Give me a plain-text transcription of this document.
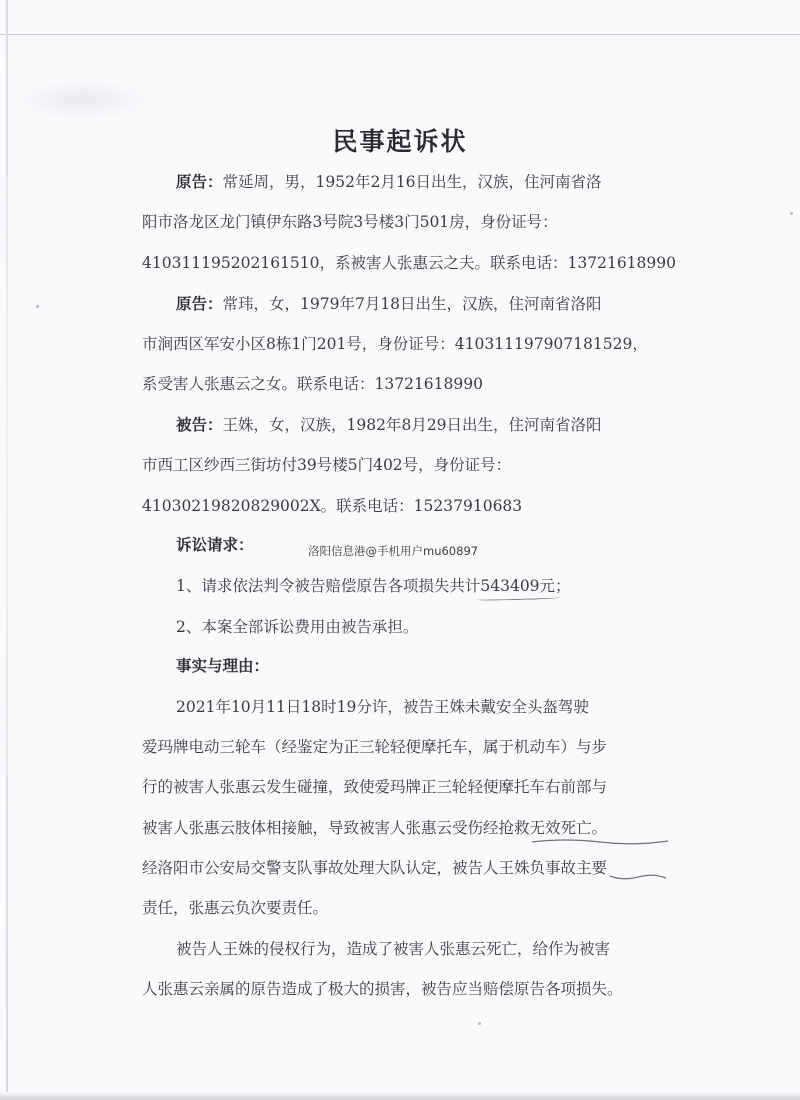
民事起诉状
原告：常延周，男，1952年2月16日出生，汉族，住河南省洛
阳市洛龙区龙门镇伊东路3号院3号楼3门501房，身份证号：
410311195202161510，系被害人张惠云之夫。联系电话：13721618990
原告：常玮，女，1979年7月18日出生，汉族，住河南省洛阳
市涧西区军安小区8栋1门201号，身份证号：410311197907181529，
系受害人张惠云之女。联系电话：13721618990
被告：王姝，女，汉族，1982年8月29日出生，住河南省洛阳
市西工区纱西三街坊付39号楼5门402号，身份证号：
41030219820829002X。联系电话：15237910683
诉讼请求：	洛阳信息港@手机用户mu60897
1、请求依法判令被告赔偿原告各项损失共计543409元；
2、本案全部诉讼费用由被告承担。
事实与理由：
2021年10月11日18时19分许，被告王姝未戴安全头盔驾驶
爱玛牌电动三轮车（经鉴定为正三轮轻便摩托车，属于机动车）与步
行的被害人张惠云发生碰撞，致使爱玛牌正三轮轻便摩托车右前部与
被害人张惠云肢体相接触，导致被害人张惠云受伤经抢救无效死亡。
经洛阳市公安局交警支队事故处理大队认定，被告人王姝负事故主要
责任，张惠云负次要责任。
被告人王姝的侵权行为，造成了被害人张惠云死亡，给作为被害
人张惠云亲属的原告造成了极大的损害，被告应当赔偿原告各项损失。
